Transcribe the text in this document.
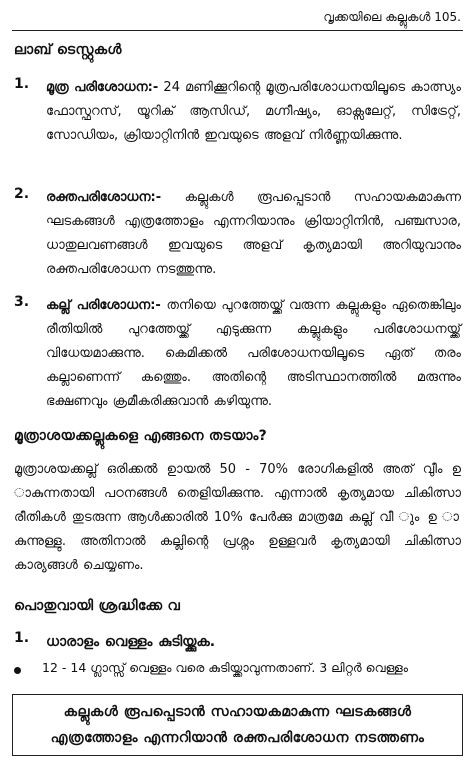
വൃക്കയിലെ കല്ലുകൾ 105.
ലാബ് ടെസ്റ്റുകൾ
1. മൂത്ര പരിശോധന:- 24 മണിക്കൂറിന്റെ മൂത്രപരിശോധനയിലൂടെ കാത്സ്യം ഫോസ്ഫറസ്, യൂറിക് ആസിഡ്, മഗ്നീഷ്യം, ഓക്സലേറ്റ്, സിട്രേറ്റ്, സോഡിയം, ക്രിയാറ്റിനിൻ ഇവയുടെ അളവ് നിർണ്ണയിക്കുന്നു.
2. രക്തപരിശോധന:- കല്ലുകൾ രൂപപ്പെടാൻ സഹായകമാകുന്ന ഘടകങ്ങൾ എത്രത്തോളം എന്നറിയാനും ക്രിയാറ്റിനിൻ, പഞ്ചസാര, ധാതുലവണങ്ങൾ ഇവയുടെ അളവ് കൃത്യമായി അറിയുവാനും രക്തപരിശോധന നടത്തുന്നു.
3. കല്ല് പരിശോധന:- തനിയെ പുറത്തേയ്ക്ക് വരുന്ന കല്ലുകളും ഏതെങ്കിലും രീതിയിൽ പുറത്തേയ്ക്ക് എടുക്കുന്ന കല്ലുകളും പരിശോധനയ്ക്ക് വിധേയമാക്കുന്നു. കെമിക്കൽ പരിശോധനയിലൂടെ ഏത് തരം കല്ലാണെന്ന് കത്തെും. അതിന്റെ അടിസ്ഥാനത്തിൽ മരുന്നും ഭക്ഷണവും ക്രമീകരിക്കുവാൻ കഴിയുന്നു.
മൂത്രാശയക്കല്ലുകളെ എങ്ങനെ തടയാം?
മൂത്രാശയക്കല്ല് ഒരിക്കൽ ഉായൽ 50 - 70% രോഗികളിൽ അത് വീും ഉ ാകുന്നതായി പഠനങ്ങൾ തെളിയിക്കുന്നു. എന്നാൽ കൃത്യമായ ചികിത്സാ രീതികൾ തുടരുന്ന ആൾക്കാരിൽ 10% പേർക്കു മാത്രമേ കല്ല് വീ ും ഉ ാ കുന്നുള്ളു. അതിനാൽ കല്ലിന്റെ പ്രശ്നം ഉള്ളവർ കൃത്യമായി ചികിത്സാ കാര്യങ്ങൾ ചെയ്യണം.
പൊതുവായി ശ്രദ്ധിക്കേ വ
1. ധാരാളം വെള്ളം കുടിയ്ക്കുക.
12 - 14 ഗ്ലാസ്സ് വെള്ളം വരെ കുടിയ്ക്കാവുന്നതാണ്. 3 ലിറ്റർ വെള്ളം
കല്ലുകൾ രൂപപ്പെടാൻ സഹായകമാകുന്ന ഘടകങ്ങൾ എത്രത്തോളം എന്നറിയാൻ രക്തപരിശോധന നടത്തണം
